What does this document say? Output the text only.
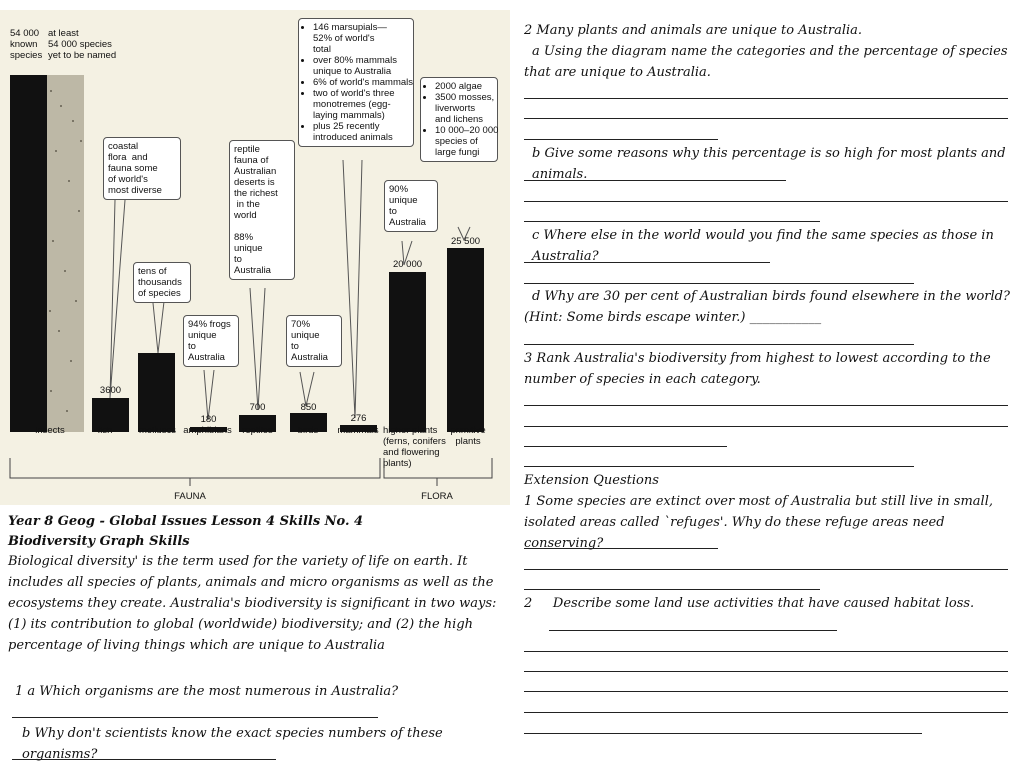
54 000
known
species
at least
54 000 species
yet to be named
coastal
flora  and
fauna some
of world's
most diverse
tens of
thousands
of species
94% frogs
unique
to
Australia
reptile
fauna of
Australian
deserts is
the richest
in the
world

88%
unique
to
Australia
70%
unique
to
Australia
90%
unique
to
Australia
• 146 marsupials—
52% of world's
total
• over 80% mammals
unique to Australia
• 6% of world's mammals
• two of world's three
monotremes (egg-
laying mammals)
• plus 25 recently
introduced animals
• 2000 algae
• 3500 mosses,
liverworts
and lichens
• 10 000–20 000
species of
large fungi
3600
180
700	850
276
20 000
25 500
insects	fish	molluscs amphibians	reptiles	birds	mammals higher plants
(ferns, conifers
and flowering
plants)
primitive
plants
FAUNA	FLORA
Year 8 Geog - Global Issues Lesson 4 Skills No. 4
Biodiversity Graph Skills
Biological diversity' is the term used for the variety of life on earth. It includes all species of plants, animals and micro organisms as well as the ecosystems they create. Australia's biodiversity is significant in two ways: (1) its contribution to global (worldwide) biodiversity; and (2) the high percentage of living things which are unique to Australia
1 a Which organisms are the most numerous in Australia?
b Why don't scientists know the exact species numbers of these organisms?
2 Many plants and animals are unique to Australia.
a Using the diagram name the categories and the percentage of species that are unique to Australia.
b Give some reasons why this percentage is so high for most plants and animals.
c Where else in the world would you find the same species as those in Australia?
d Why are 30 per cent of Australian birds found elsewhere in the world? (Hint: Some birds escape winter.) ___________
3 Rank Australia's biodiversity from highest to lowest according to the number of species in each category.
Extension Questions
1 Some species are extinct over most of Australia but still live in small, isolated areas called `refuges'. Why do these refuge areas need conserving?
2     Describe some land use activities that have caused habitat loss.
